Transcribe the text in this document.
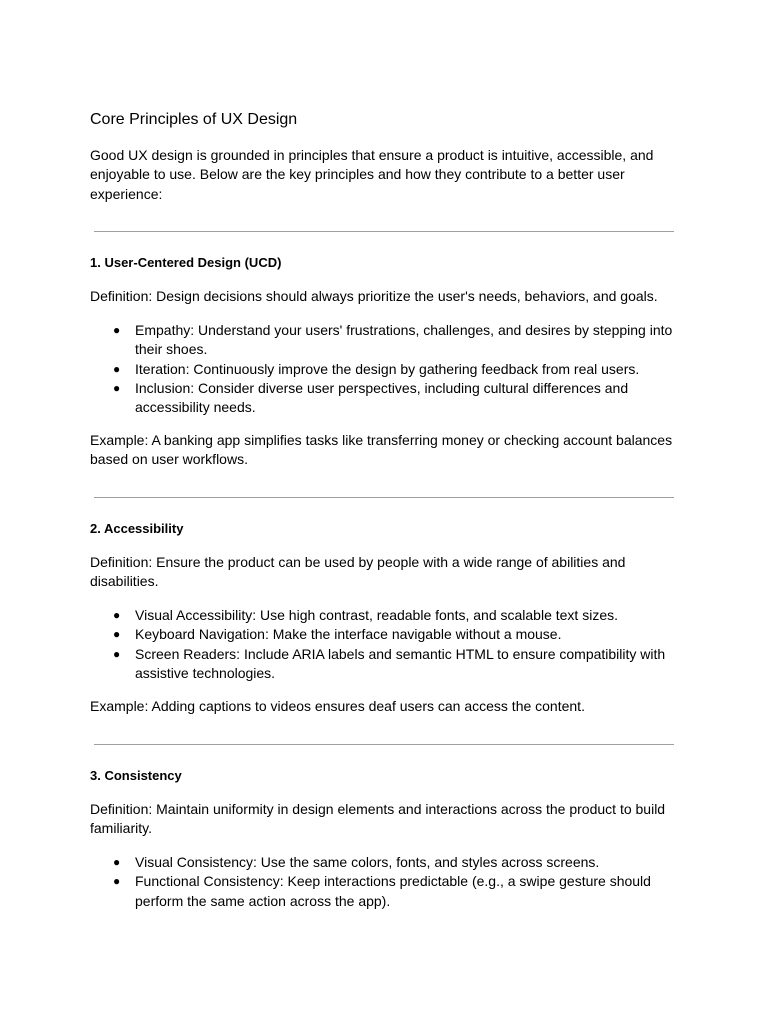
Core Principles of UX Design

Good UX design is grounded in principles that ensure a product is intuitive, accessible, and enjoyable to use. Below are the key principles and how they contribute to a better user experience:

1. User-Centered Design (UCD)

Definition: Design decisions should always prioritize the user's needs, behaviors, and goals.

● Empathy: Understand your users' frustrations, challenges, and desires by stepping into their shoes.
● Iteration: Continuously improve the design by gathering feedback from real users.
● Inclusion: Consider diverse user perspectives, including cultural differences and accessibility needs.

Example: A banking app simplifies tasks like transferring money or checking account balances based on user workflows.

2. Accessibility

Definition: Ensure the product can be used by people with a wide range of abilities and disabilities.

● Visual Accessibility: Use high contrast, readable fonts, and scalable text sizes.
● Keyboard Navigation: Make the interface navigable without a mouse.
● Screen Readers: Include ARIA labels and semantic HTML to ensure compatibility with assistive technologies.

Example: Adding captions to videos ensures deaf users can access the content.

3. Consistency

Definition: Maintain uniformity in design elements and interactions across the product to build familiarity.

● Visual Consistency: Use the same colors, fonts, and styles across screens.
● Functional Consistency: Keep interactions predictable (e.g., a swipe gesture should perform the same action across the app).
